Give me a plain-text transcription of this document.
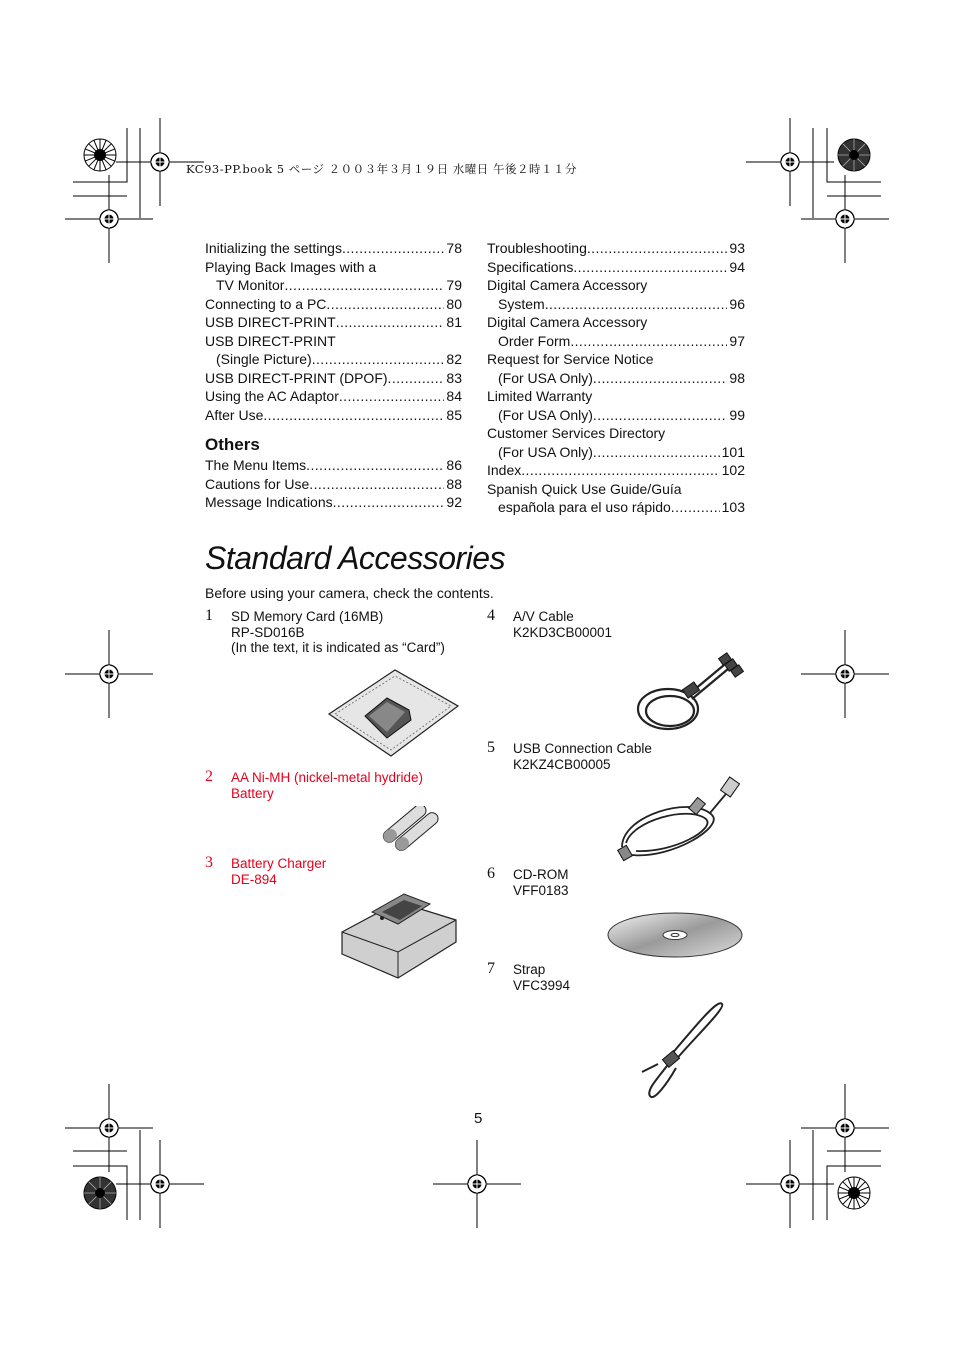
KC93-PP.book 5 ページ ２００３年３月１９日 水曜日 午後２時１１分
Initializing the settings .....	78
Playing Back Images with a
TV Monitor .....	79
Connecting to a PC .....	80
USB DIRECT-PRINT .....	81
USB DIRECT-PRINT
(Single Picture) .....	82
USB DIRECT-PRINT (DPOF) .....	83
Using the AC Adaptor .....	84
After Use .....	85
Others
The Menu Items .....	86
Cautions for Use .....	88
Message Indications .....	92
Troubleshooting .....	93
Specifications .....	94
Digital Camera Accessory
System .....	96
Digital Camera Accessory
Order Form .....	97
Request for Service Notice
(For USA Only) .....	98
Limited Warranty
(For USA Only) .....	99
Customer Services Directory
(For USA Only) .....	101
Index .....	102
Spanish Quick Use Guide/Guía
española para el uso rápido .....	103
Standard Accessories
Before using your camera, check the contents.
1 SD Memory Card (16MB)
RP-SD016B
(In the text, it is indicated as “Card”)
2 AA Ni-MH (nickel-metal hydride)
Battery
3 Battery Charger
DE-894
4 A/V Cable
K2KD3CB00001
5 USB Connection Cable
K2KZ4CB00005
6 CD-ROM
VFF0183
7 Strap
VFC3994
5
